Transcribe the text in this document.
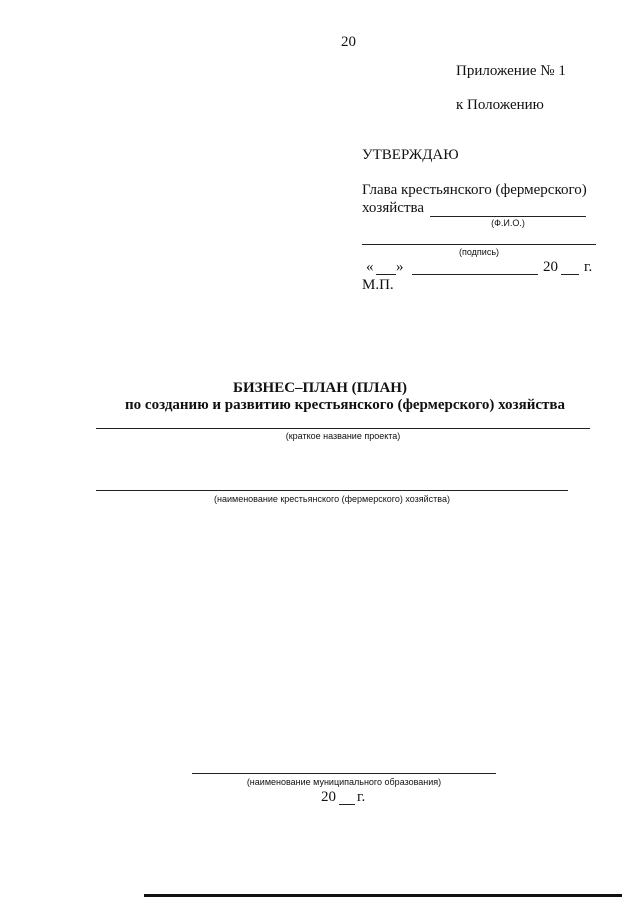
20
Приложение № 1
к Положению
УТВЕРЖДАЮ
Глава крестьянского (фермерского)
хозяйства
(Ф.И.О.)
(подпись)
« »	20 г.
М.П.
БИЗНЕС–ПЛАН (ПЛАН)
по созданию и развитию крестьянского (фермерского) хозяйства
(краткое название проекта)
(наименование крестьянского (фермерского) хозяйства)
(наименование муниципального образования)
20 г.
